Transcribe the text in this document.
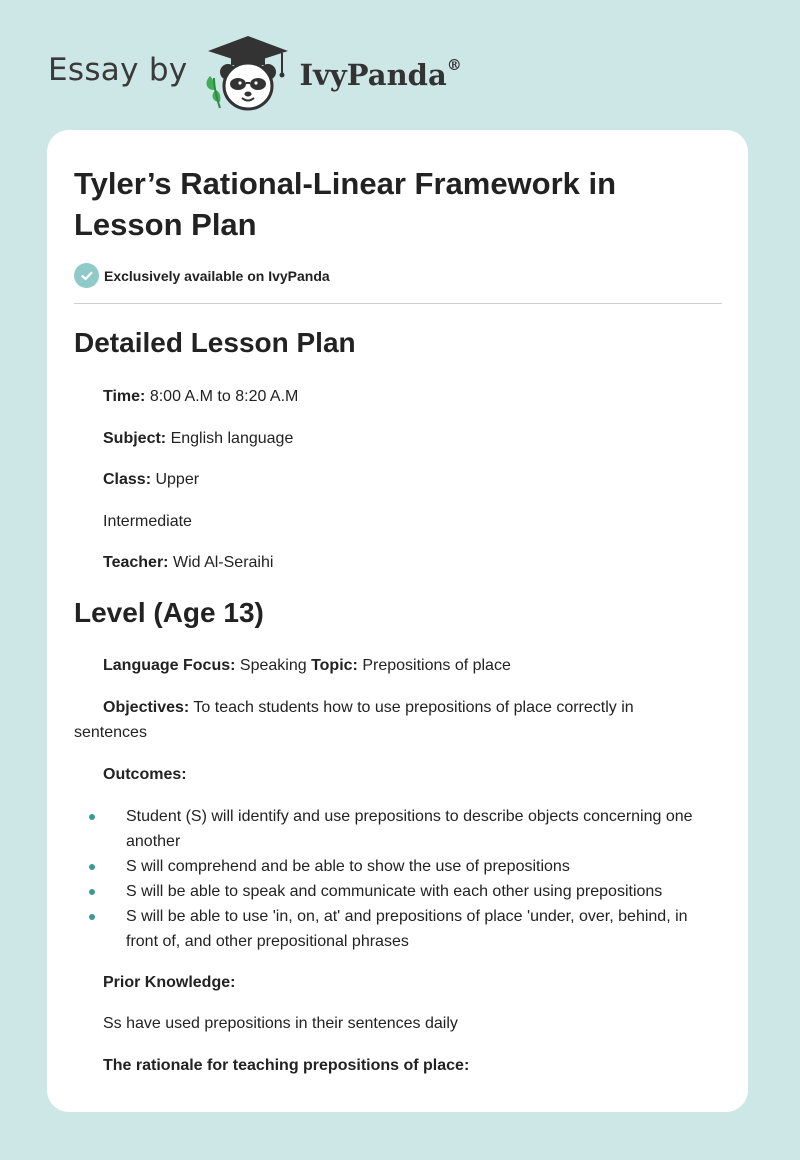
Essay by	IvyPanda®
Tyler’s Rational-Linear Framework in Lesson Plan
Exclusively available on IvyPanda
Detailed Lesson Plan

Time: 8:00 A.M to 8:20 A.M

Subject: English language

Class: Upper

Intermediate

Teacher: Wid Al-Seraihi

Level (Age 13)

Language Focus: Speaking Topic: Prepositions of place

Objectives: To teach students how to use prepositions of place correctly in sentences

Outcomes:

Student (S) will identify and use prepositions to describe objects concerning one another
S will comprehend and be able to show the use of prepositions
S will be able to speak and communicate with each other using prepositions
S will be able to use 'in, on, at' and prepositions of place 'under, over, behind, in front of, and other prepositional phrases

Prior Knowledge:

Ss have used prepositions in their sentences daily

The rationale for teaching prepositions of place:
